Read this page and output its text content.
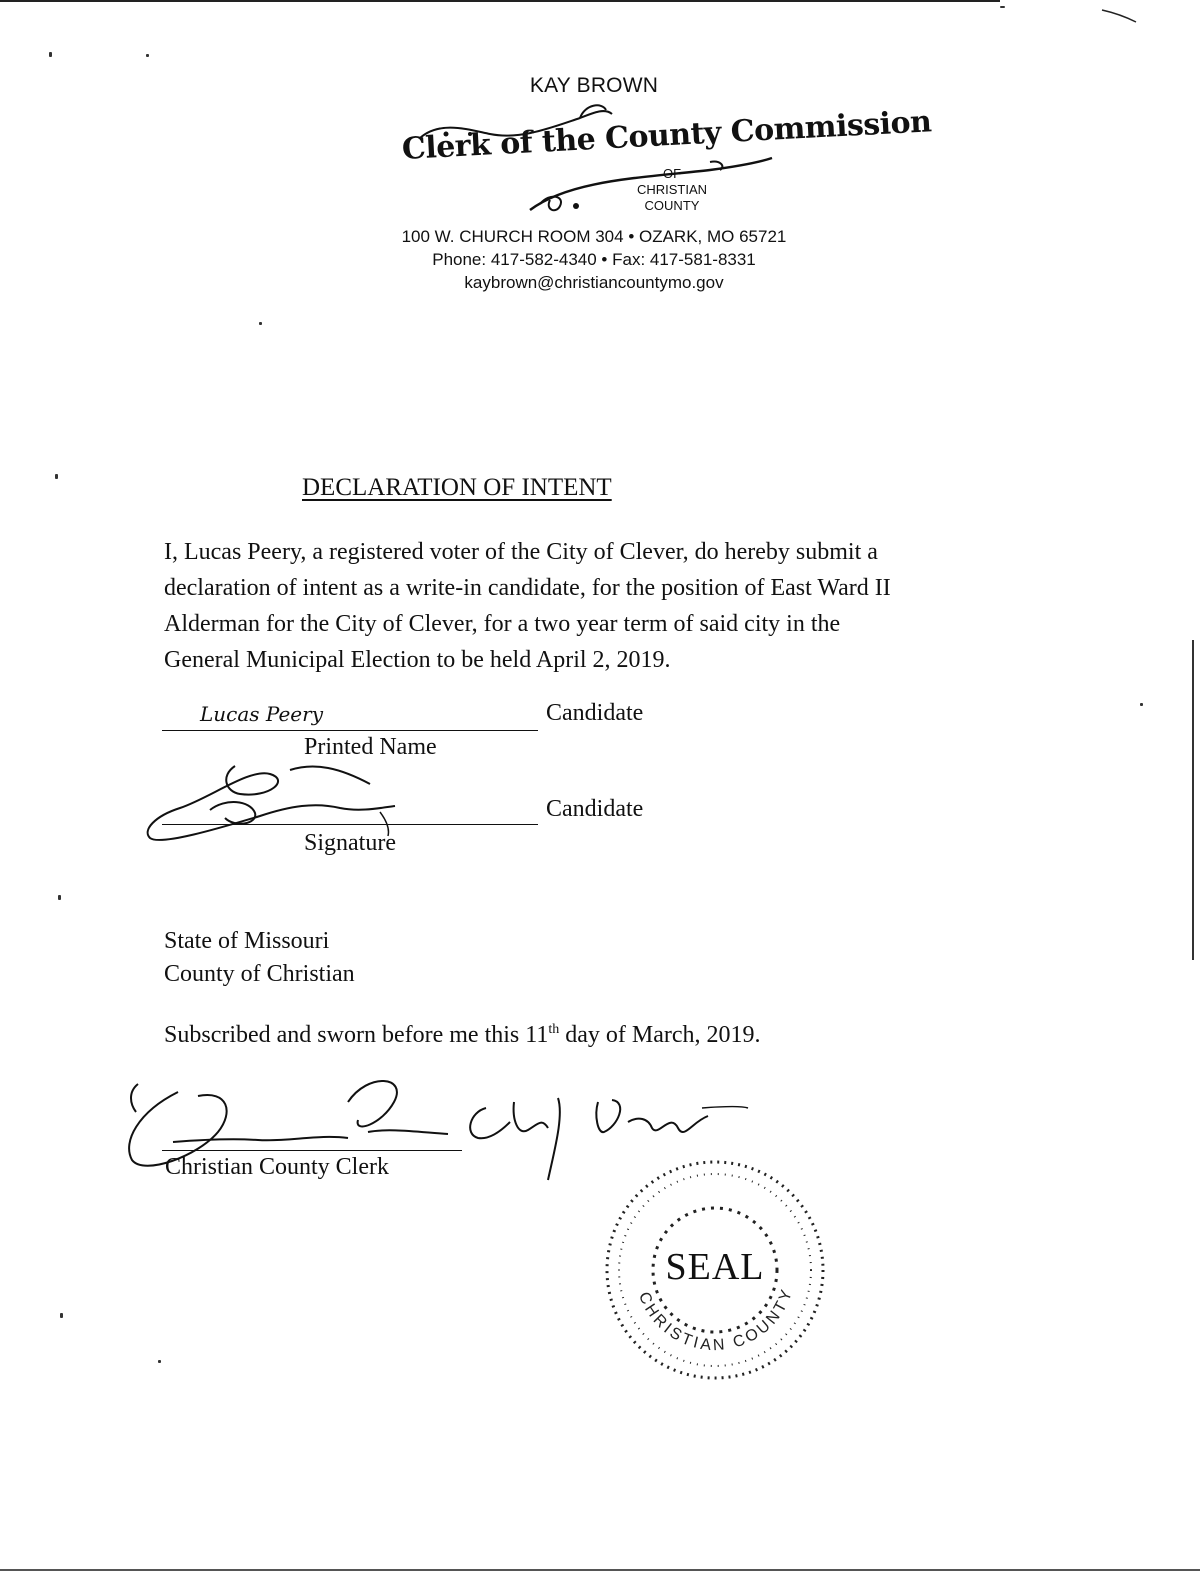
KAY BROWN
Clerk of the County Commission
OF
CHRISTIAN
COUNTY
100 W. CHURCH ROOM 304 • OZARK, MO 65721
Phone: 417-582-4340 • Fax: 417-581-8331
kaybrown@christiancountymo.gov
DECLARATION OF INTENT
I, Lucas Peery, a registered voter of the City of Clever, do hereby submit a
declaration of intent as a write-in candidate, for the position of East Ward II
Alderman for the City of Clever, for a two year term of said city in the
General Municipal Election to be held April 2, 2019.
Lucas Peery	Candidate
Printed Name
Candidate
Signature
State of Missouri
County of Christian
Subscribed and sworn before me this 11th day of March, 2019.
Christian County Clerk
CHRISTIAN COUNTY
SEAL
